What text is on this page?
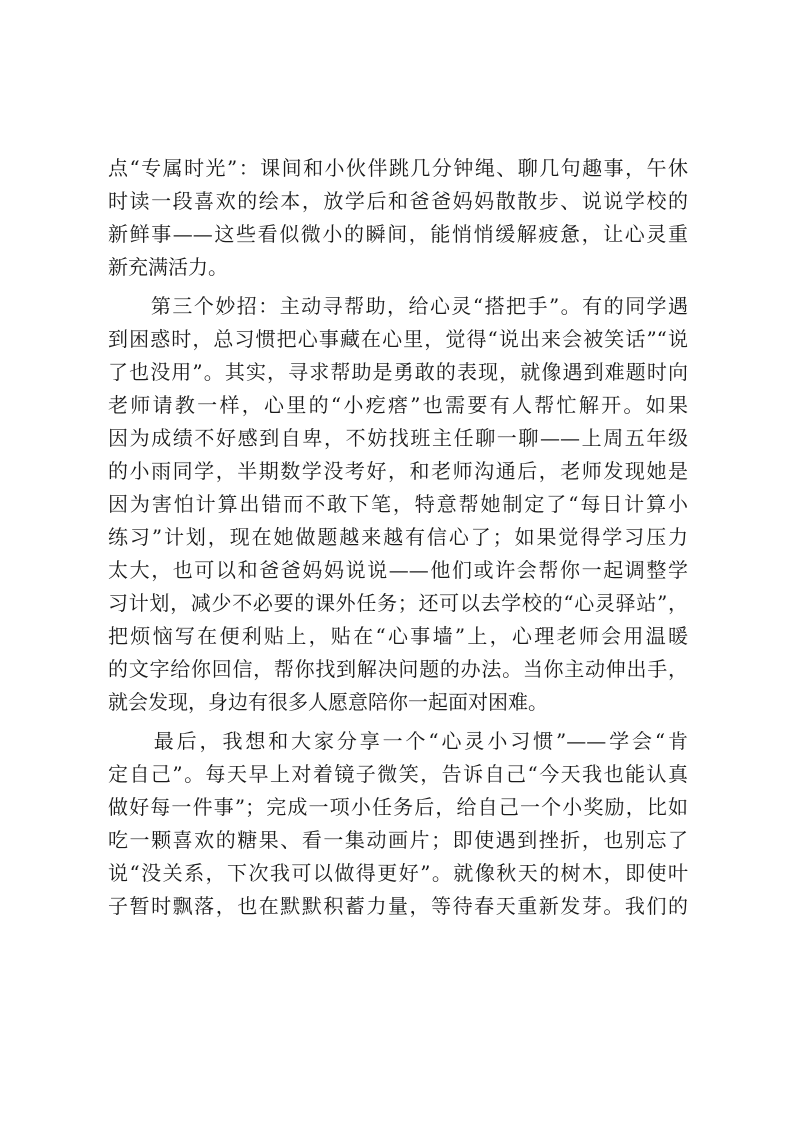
点“专属时光”：课间和小伙伴跳几分钟绳、聊几句趣事，午休
时读一段喜欢的绘本，放学后和爸爸妈妈散散步、说说学校的
新鲜事——这些看似微小的瞬间，能悄悄缓解疲惫，让心灵重
新充满活力。
　　第三个妙招：主动寻帮助，给心灵“搭把手”。有的同学遇
到困惑时，总习惯把心事藏在心里，觉得“说出来会被笑话”“说
了也没用”。其实，寻求帮助是勇敢的表现，就像遇到难题时向
老师请教一样，心里的“小疙瘩”也需要有人帮忙解开。如果
因为成绩不好感到自卑，不妨找班主任聊一聊——上周五年级
的小雨同学，半期数学没考好，和老师沟通后，老师发现她是
因为害怕计算出错而不敢下笔，特意帮她制定了“每日计算小
练习”计划，现在她做题越来越有信心了；如果觉得学习压力
太大，也可以和爸爸妈妈说说——他们或许会帮你一起调整学
习计划，减少不必要的课外任务；还可以去学校的“心灵驿站”，
把烦恼写在便利贴上，贴在“心事墙”上，心理老师会用温暖
的文字给你回信，帮你找到解决问题的办法。当你主动伸出手，
就会发现，身边有很多人愿意陪你一起面对困难。
　　最后，我想和大家分享一个“心灵小习惯”——学会“肯
定自己”。每天早上对着镜子微笑，告诉自己“今天我也能认真
做好每一件事”；完成一项小任务后，给自己一个小奖励，比如
吃一颗喜欢的糖果、看一集动画片；即使遇到挫折，也别忘了
说“没关系，下次我可以做得更好”。就像秋天的树木，即使叶
子暂时飘落，也在默默积蓄力量，等待春天重新发芽。我们的
